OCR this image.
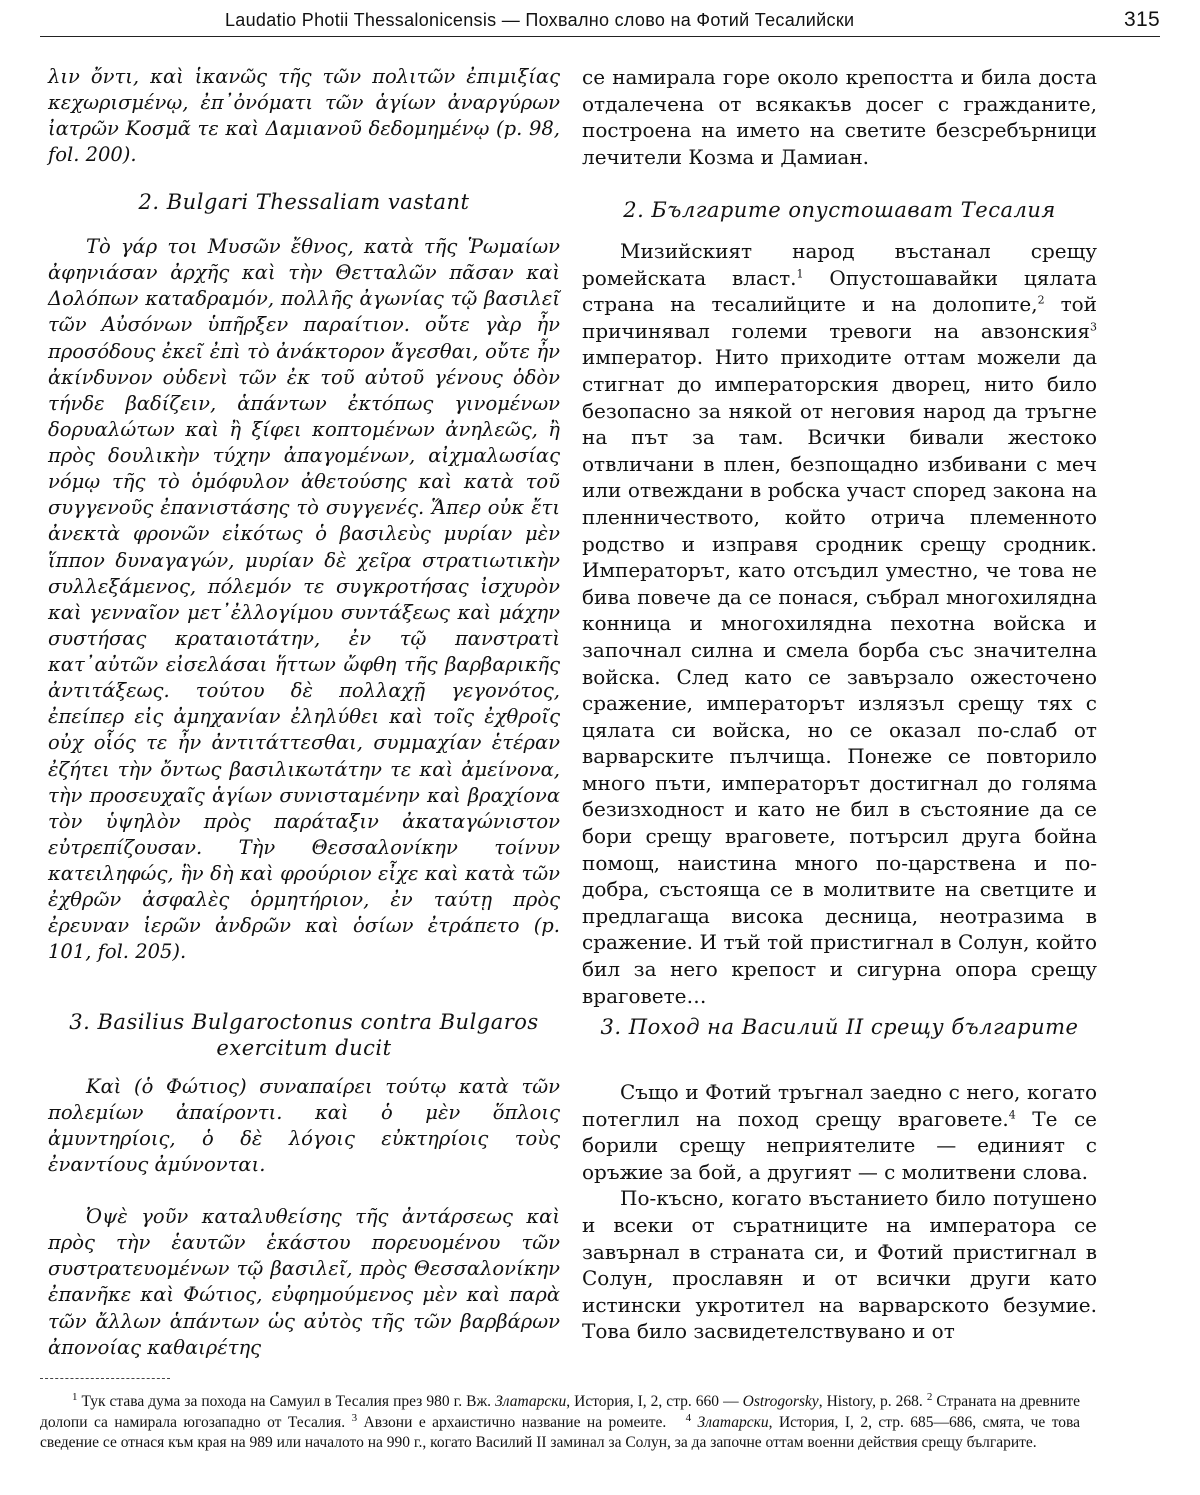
Laudatio Photii Thessalonicensis — Похвално слово на Фотий Тесалийски	315

λιν ὄντι, καὶ ἱκανῶς τῆς τῶν πολιτῶν ἐπιμιξίας κεχωρισμένῳ, ἐπ᾽ὀνόματι τῶν ἁγίων ἀναργύρων ἰατρῶν Κοσμᾶ τε καὶ Δαμιανοῦ δεδομημένῳ (p. 98, fol. 200).

2. Bulgari Thessaliam vastant

Τὸ γάρ τοι Μυσῶν ἔθνος, κατὰ τῆς Ῥωμαίων ἀφηνιάσαν ἀρχῆς καὶ τὴν Θετταλῶν πᾶσαν καὶ Δολόπων καταδραμόν, πολλῆς ἀγωνίας τῷ βασιλεῖ τῶν Αὐσόνων ὑπῆρξεν παραίτιον. οὔτε γὰρ ἦν προσόδους ἐκεῖ ἐπὶ τὸ ἀνάκτορον ἄγεσθαι, οὔτε ἦν ἀκίνδυνον οὐδενὶ τῶν ἐκ τοῦ αὐτοῦ γένους ὁδὸν τήνδε βαδίζειν, ἁπάντων ἐκτόπως γινομένων δορυαλώτων καὶ ἢ ξίφει κοπτομένων ἀνηλεῶς, ἢ πρὸς δουλικὴν τύχην ἀπαγομένων, αἰχμαλωσίας νόμῳ τῆς τὸ ὁμόφυλον ἀθετούσης καὶ κατὰ τοῦ συγγενοῦς ἐπανιστάσης τὸ συγγενές. Ἅπερ οὐκ ἔτι ἀνεκτὰ φρονῶν εἰκότως ὁ βασιλεὺς μυρίαν μὲν ἵππον δυναγαγών, μυρίαν δὲ χεῖρα στρατιωτικὴν συλλεξάμενος, πόλεμόν τε συγκροτήσας ἰσχυρὸν καὶ γενναῖον μετ᾽ἐλλογίμου συντάξεως καὶ μάχην συστήσας κραταιοτάτην, ἐν τῷ πανστρατὶ κατ᾽αὐτῶν εἰσελάσαι ἥττων ὤφθη τῆς βαρβαρικῆς ἀντιτάξεως. τούτου δὲ πολλαχῇ γεγονότος, ἐπείπερ εἰς ἀμηχανίαν ἐληλύθει καὶ τοῖς ἐχθροῖς οὐχ οἷός τε ἦν ἀντιτάττεσθαι, συμμαχίαν ἑτέραν ἐζήτει τὴν ὄντως βασιλικωτάτην τε καὶ ἀμείνονα, τὴν προσευχαῖς ἁγίων συνισταμένην καὶ βραχίονα τὸν ὑψηλὸν πρὸς παράταξιν ἀκαταγώνιστον εὐτρεπίζουσαν. Τὴν Θεσσαλονίκην τοίνυν κατειληφώς, ἣν δὴ καὶ φρούριον εἶχε καὶ κατὰ τῶν ἐχθρῶν ἀσφαλὲς ὁρμητήριον, ἐν ταύτῃ πρὸς ἐρευναν ἱερῶν ἀνδρῶν καὶ ὁσίων ἐτράπετο (p. 101, fol. 205).

3. Basilius Bulgaroctonus contra Bulgaros exercitum ducit

Καὶ (ὁ Φώτιος) συναπαίρει τούτῳ κατὰ τῶν πολεμίων ἀπαίροντι. καὶ ὁ μὲν ὅπλοις ἀμυντηρίοις, ὁ δὲ λόγοις εὐκτηρίοις τοὺς ἐναντίους ἀμύνονται.

Ὀψὲ γοῦν καταλυθείσης τῆς ἀντάρσεως καὶ πρὸς τὴν ἑαυτῶν ἑκάστου πορευομένου τῶν συστρατευομένων τῷ βασιλεῖ, πρὸς Θεσσαλονίκην ἐπανῆκε καὶ Φώτιος, εὐφημούμενος μὲν καὶ παρὰ τῶν ἄλλων ἁπάντων ὡς αὐτὸς τῆς τῶν βαρβάρων ἀπονοίας καθαιρέτης

се намирала горе около крепостта и била доста отдалечена от всякакъв досег с гражданите, построена на името на светите безсребърници лечители Козма и Дамиан.

2. Българите опустошават Тесалия

Мизийският народ въстанал срещу ромейската власт.$^1$ Опустошавайки цялата страна на тесалийците и на долопите,$^2$ той причинявал големи тревоги на авзонския$^3$ император. Нито приходите оттам можели да стигнат до императорския дворец, нито било безопасно за някой от неговия народ да тръгне на път за там. Всички бивали жестоко отвличани в плен, безпощадно избивани с меч или отвеждани в робска участ според закона на пленничеството, който отрича племенното родство и изправя сродник срещу сродник. Императорът, като отсъдил уместно, че това не бива повече да се понася, събрал многохилядна конница и многохилядна пехотна войска и започнал силна и смела борба със значителна войска. След като се завързало ожесточено сражение, императорът излязъл срещу тях с цялата си войска, но се оказал по-слаб от варварските пълчища. Понеже се повторило много пъти, императорът достигнал до голяма безизходност и като не бил в състояние да се бори срещу враговете, потърсил друга бойна помощ, наистина много по-царствена и по-добра, състояща се в молитвите на светците и предлагаща висока десница, неотразима в сражение. И тъй той пристигнал в Солун, който бил за него крепост и сигурна опора срещу враговете…

3. Поход на Василий II срещу българите

Също и Фотий тръгнал заедно с него, когато потеглил на поход срещу враговете.$^4$ Те се борили срещу неприятелите — единият с оръжие за бой, а другият — с молитвени слова.

По-късно, когато въстанието било потушено и всеки от съратниците на императора се завърнал в страната си, и Фотий пристигнал в Солун, прославян и от всички други като истински укротител на варварското безумие. Това било засвидетелствувано и от

$^1$ Тук става дума за похода на Самуил в Тесалия през 980 г. Вж. Златарски, История, I, 2, стр. 660 — Ostrogorsky, History, p. 268. $^2$ Страната на древните долопи са намирала югозападно от Тесалия. $^3$ Авзони е архаистично название на ромеите. $^4$ Златарски, История, I, 2, стр. 685—686, смята, че това сведение се отнася към края на 989 или началото на 990 г., когато Василий II заминал за Солун, за да започне оттам военни действия срещу българите.
